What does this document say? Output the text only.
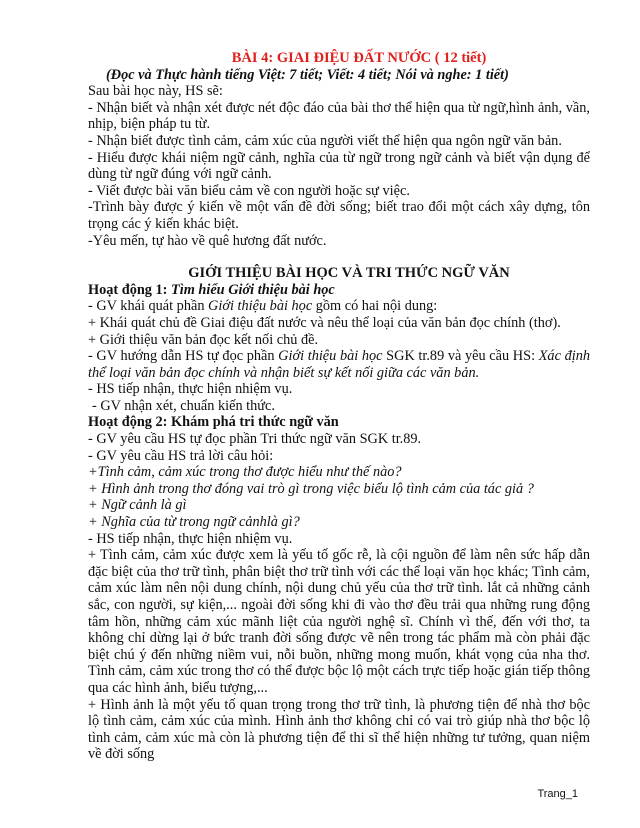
BÀI 4: GIAI ĐIỆU ĐẤT NƯỚC ( 12 tiết)
(Đọc và Thực hành tiếng Việt: 7 tiết; Viết: 4 tiết; Nói và nghe: 1 tiết)
Sau bài học này, HS sẽ:
- Nhận biết và nhận xét được nét độc đáo của bài thơ thể hiện qua từ ngữ,hình ảnh, vần, nhịp, biện pháp tu từ.
- Nhận biết được tình cảm, cảm xúc của người viết thể hiện qua ngôn ngữ văn bản.
- Hiểu được khái niệm ngữ cảnh, nghĩa của từ ngữ trong ngữ cảnh và biết vận dụng để dùng từ ngữ đúng với ngữ cảnh.
- Viết được bài văn biểu cảm về con người hoặc sự việc.
-Trình bày được ý kiến về một vấn đề đời sống; biết trao đổi một cách xây dựng, tôn trọng các ý kiến khác biệt.
-Yêu mến, tự hào về quê hương đất nước.
GIỚI THIỆU BÀI HỌC VÀ TRI THỨC NGỮ VĂN
Hoạt động 1: Tìm hiểu Giới thiệu bài học
- GV khái quát phần Giới thiệu bài học gồm có hai nội dung:
+ Khái quát chủ đề Giai điệu đất nước và nêu thể loại của văn bản đọc chính (thơ).
+ Giới thiệu văn bản đọc kết nối chủ đề.
- GV hướng dẫn HS tự đọc phần Giới thiệu bài học SGK tr.89 và yêu cầu HS: Xác định thể loại văn bản đọc chính và nhận biết sự kết nối giữa các văn bản.
- HS tiếp nhận, thực hiện nhiệm vụ.
- GV nhận xét, chuẩn kiến thức.
Hoạt động 2: Khám phá tri thức ngữ văn
- GV yêu cầu HS tự đọc phần Tri thức ngữ văn SGK tr.89.
- GV yêu cầu HS trả lời câu hỏi:
+Tình cảm, cảm xúc trong thơ được hiểu như thế nào?
+ Hình ảnh trong thơ đóng vai trò gì trong việc biểu lộ tình cảm của tác giả ?
+ Ngữ cảnh là gì
+ Nghĩa của từ trong ngữ cảnhlà gì?
- HS tiếp nhận, thực hiện nhiệm vụ.
+ Tình cảm, cảm xúc được xem là yếu tố gốc rễ, là cội nguồn để làm nên sức hấp dẫn đặc biệt của thơ trữ tình, phân biệt thơ trữ tình với các thể loại văn học khác; Tình cảm, cảm xúc làm nên nội dung chính, nội dung chủ yếu của thơ trữ tình. lắt cả những cảnh sắc, con người, sự kiện,... ngoài đời sống khi đi vào thơ đều trải qua những rung động tâm hồn, những cảm xúc mãnh liệt của người nghệ sĩ. Chính vì thế, đến với thơ, ta không chỉ dừng lại ở bức tranh đời sống được vẽ nên trong tác phẩm mà còn phải đặc biệt chú ý đến những niềm vui, nỗi buồn, những mong muốn, khát vọng của nha thơ. Tình cảm, cảm xúc trong thơ có thể được bộc lộ một cách trực tiếp hoặc gián tiếp thông qua các hình ảnh, biểu tượng,...
+ Hình ảnh là một yếu tố quan trọng trong thơ trữ tình, là phương tiện để nhà thơ bộc lộ tình cảm, cảm xúc của mình. Hình ảnh thơ không chỉ có vai trò giúp nhà thơ bộc lộ tình cảm, cảm xúc mà còn là phương tiện để thi sĩ thể hiện những tư tưởng, quan niệm về đời sống
Trang_1
